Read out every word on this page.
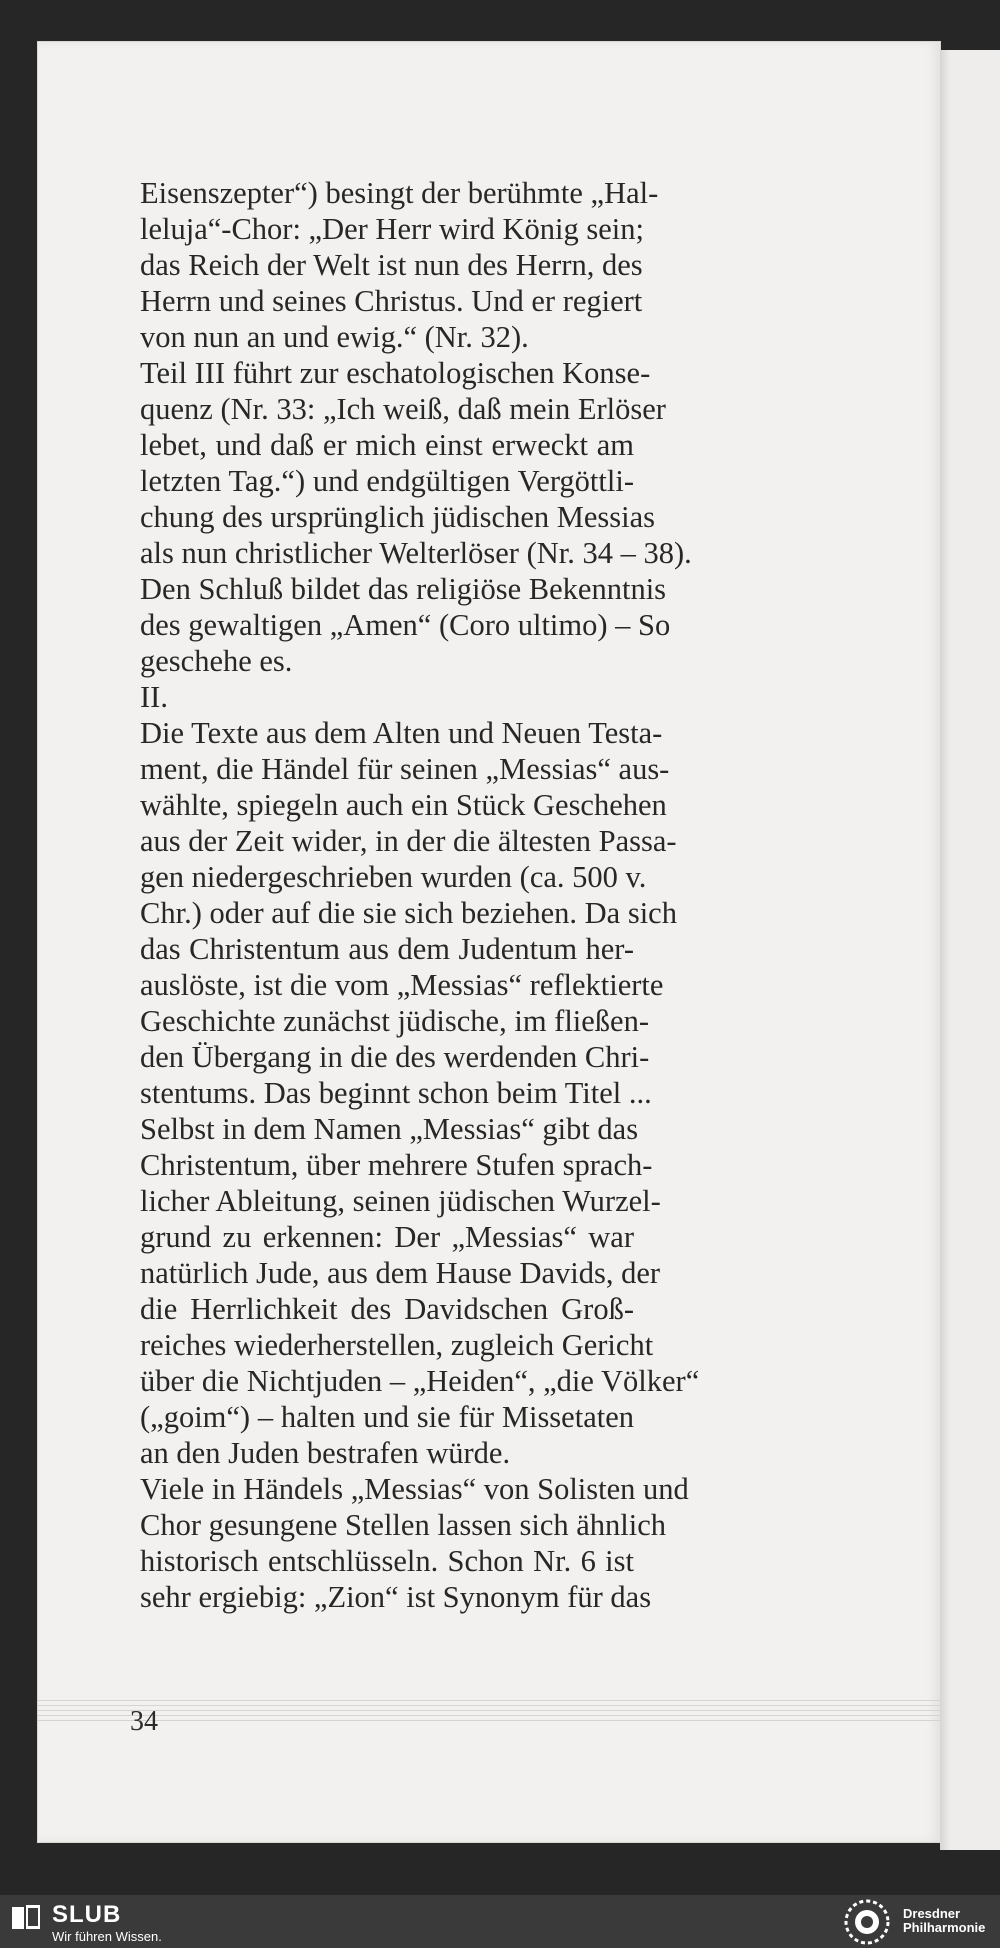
Eisenszepter“) besingt der berühmte „Hal-
leluja“-Chor: „Der Herr wird König sein;
das Reich der Welt ist nun des Herrn, des
Herrn und seines Christus. Und er regiert
von nun an und ewig.“ (Nr. 32).

Teil III führt zur eschatologischen Konse-
quenz (Nr. 33: „Ich weiß, daß mein Erlöser
lebet, und daß er mich einst erweckt am
letzten Tag.“) und endgültigen Vergöttli-
chung des ursprünglich jüdischen Messias
als nun christlicher Welterlöser (Nr. 34 – 38).
Den Schluß bildet das religiöse Bekenntnis
des gewaltigen „Amen“ (Coro ultimo) – So
geschehe es.

II.

Die Texte aus dem Alten und Neuen Testa-
ment, die Händel für seinen „Messias“ aus-
wählte, spiegeln auch ein Stück Geschehen
aus der Zeit wider, in der die ältesten Passa-
gen niedergeschrieben wurden (ca. 500 v.
Chr.) oder auf die sie sich beziehen. Da sich
das Christentum aus dem Judentum her-
auslöste, ist die vom „Messias“ reflektierte
Geschichte zunächst jüdische, im fließen-
den Übergang in die des werdenden Chri-
stentums. Das beginnt schon beim Titel ...
Selbst in dem Namen „Messias“ gibt das
Christentum, über mehrere Stufen sprach-
licher Ableitung, seinen jüdischen Wurzel-
grund zu erkennen: Der „Messias“ war
natürlich Jude, aus dem Hause Davids, der
die Herrlichkeit des Davidschen Groß-
reiches wiederherstellen, zugleich Gericht
über die Nichtjuden – „Heiden“, „die Völker“
(„goim“) – halten und sie für Missetaten
an den Juden bestrafen würde.

Viele in Händels „Messias“ von Solisten und
Chor gesungene Stellen lassen sich ähnlich
historisch entschlüsseln. Schon Nr. 6 ist
sehr ergiebig: „Zion“ ist Synonym für das

34
SLUB
Wir führen Wissen.
Dresdner
Philharmonie
